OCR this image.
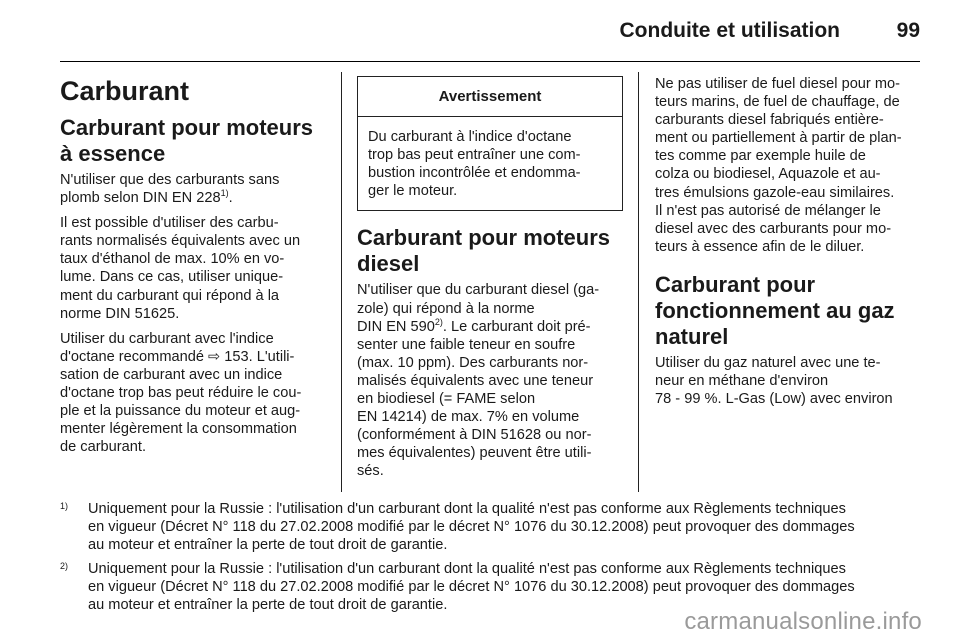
Conduite et utilisation	99
Carburant
Carburant pour moteurs
à essence

N'utiliser que des carburants sans
plomb selon DIN EN 228$^{1)}$.

Il est possible d'utiliser des carbu-
rants normalisés équivalents avec un
taux d'éthanol de max. 10% en vo-
lume. Dans ce cas, utiliser unique-
ment du carburant qui répond à la
norme DIN 51625.

Utiliser du carburant avec l'indice
d'octane recommandé ⇨ 153. L'utili-
sation de carburant avec un indice
d'octane trop bas peut réduire le cou-
ple et la puissance du moteur et aug-
menter légèrement la consommation
de carburant.

Avertissement
Du carburant à l'indice d'octane
trop bas peut entraîner une com-
bustion incontrôlée et endomma-
ger le moteur.
Carburant pour moteurs
diesel

N'utiliser que du carburant diesel (ga-
zole) qui répond à la norme
DIN EN 590$^{2)}$. Le carburant doit pré-
senter une faible teneur en soufre
(max. 10 ppm). Des carburants nor-
malisés équivalents avec une teneur
en biodiesel (= FAME selon
EN 14214) de max. 7% en volume
(conformément à DIN 51628 ou nor-
mes équivalentes) peuvent être utili-
sés.

Ne pas utiliser de fuel diesel pour mo-
teurs marins, de fuel de chauffage, de
carburants diesel fabriqués entière-
ment ou partiellement à partir de plan-
tes comme par exemple huile de
colza ou biodiesel, Aquazole et au-
tres émulsions gazole-eau similaires.
Il n'est pas autorisé de mélanger le
diesel avec des carburants pour mo-
teurs à essence afin de le diluer.

Carburant pour
fonctionnement au gaz
naturel

Utiliser du gaz naturel avec une te-
neur en méthane d'environ
78 - 99 %. L-Gas (Low) avec environ

1) Uniquement pour la Russie : l'utilisation d'un carburant dont la qualité n'est pas conforme aux Règlements techniques
en vigueur (Décret N° 118 du 27.02.2008 modifié par le décret N° 1076 du 30.12.2008) peut provoquer des dommages
au moteur et entraîner la perte de tout droit de garantie.
2) Uniquement pour la Russie : l'utilisation d'un carburant dont la qualité n'est pas conforme aux Règlements techniques
en vigueur (Décret N° 118 du 27.02.2008 modifié par le décret N° 1076 du 30.12.2008) peut provoquer des dommages
au moteur et entraîner la perte de tout droit de garantie.
carmanualsonline.info
